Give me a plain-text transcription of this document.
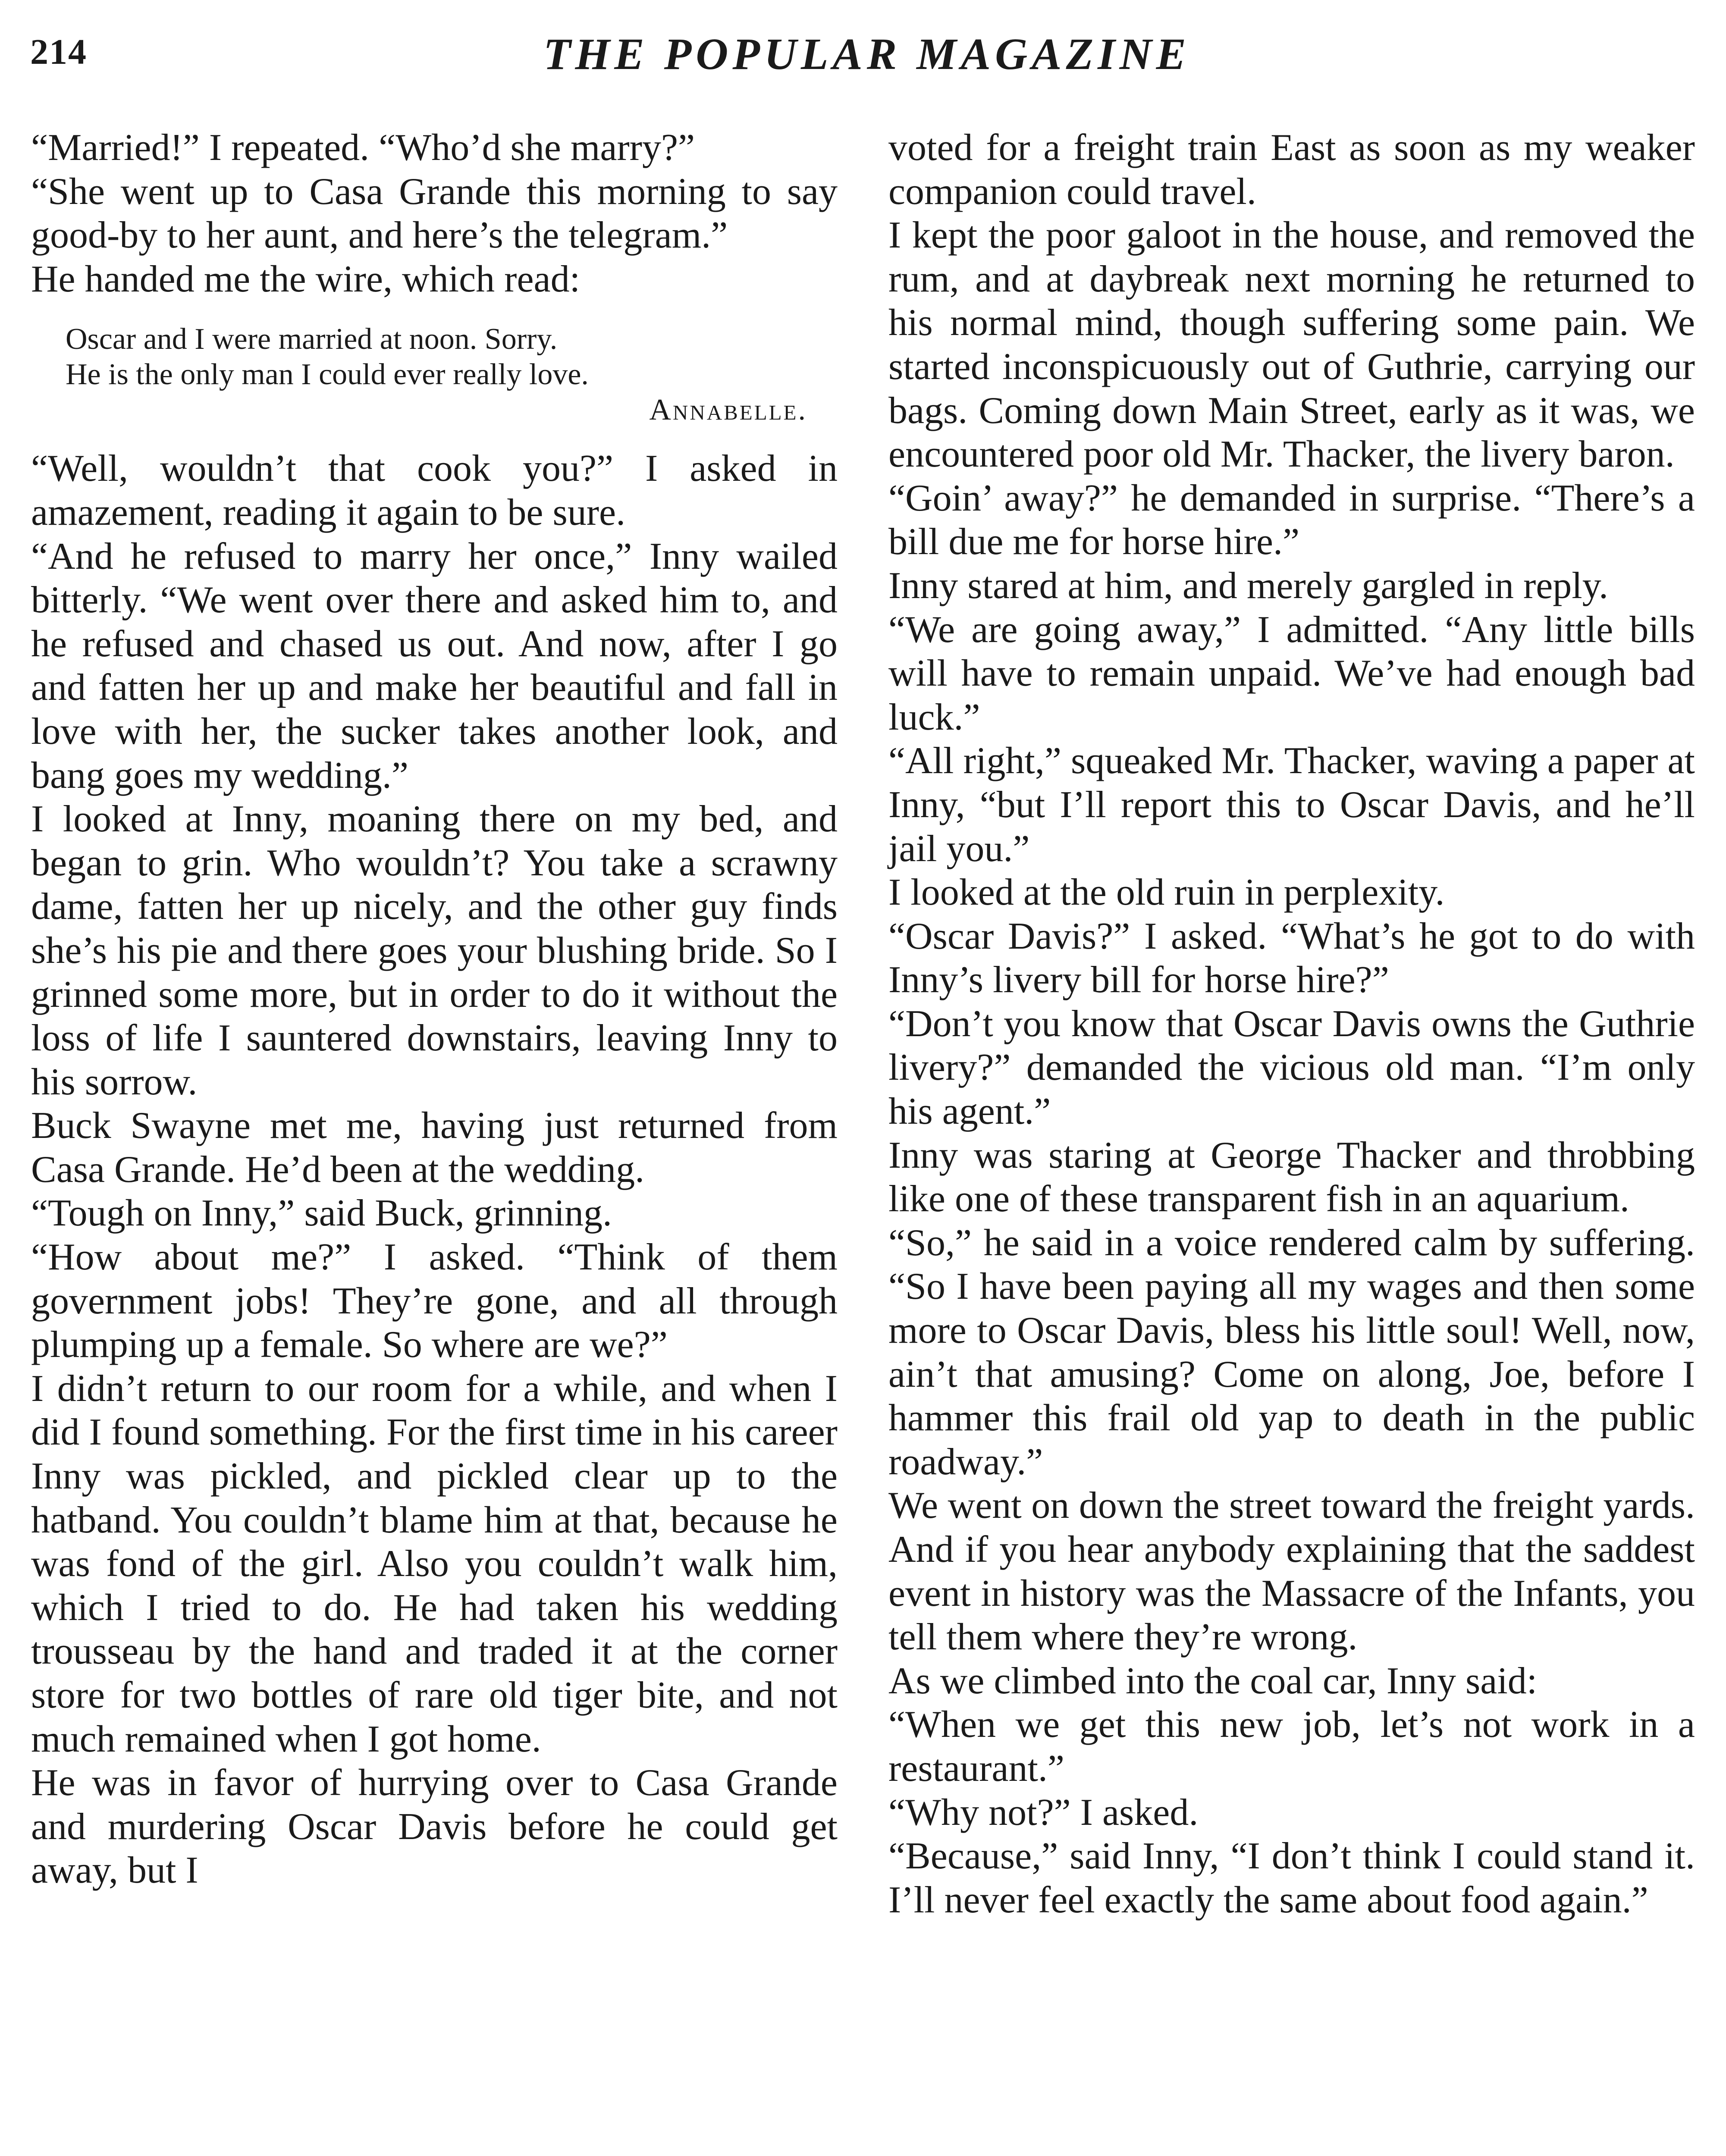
214	THE POPULAR MAGAZINE

“Married!” I repeated. “Who’d she marry?”

“She went up to Casa Grande this morning to say good-by to her aunt, and here’s the telegram.”

He handed me the wire, which read:

Oscar and I were married at noon. Sorry.
He is the only man I could ever really love.
Annabelle.

“Well, wouldn’t that cook you?” I asked in amazement, reading it again to be sure.

“And he refused to marry her once,” Inny wailed bitterly. “We went over there and asked him to, and he refused and chased us out. And now, after I go and fatten her up and make her beautiful and fall in love with her, the sucker takes another look, and bang goes my wedding.”

I looked at Inny, moaning there on my bed, and began to grin. Who wouldn’t? You take a scrawny dame, fatten her up nicely, and the other guy finds she’s his pie and there goes your blushing bride. So I grinned some more, but in order to do it without the loss of life I sauntered downstairs, leaving Inny to his sorrow.

Buck Swayne met me, having just returned from Casa Grande. He’d been at the wedding.

“Tough on Inny,” said Buck, grinning.

“How about me?” I asked. “Think of them government jobs! They’re gone, and all through plumping up a female. So where are we?”

I didn’t return to our room for a while, and when I did I found something. For the first time in his career Inny was pickled, and pickled clear up to the hatband. You couldn’t blame him at that, because he was fond of the girl. Also you couldn’t walk him, which I tried to do. He had taken his wedding trousseau by the hand and traded it at the corner store for two bottles of rare old tiger bite, and not much remained when I got home.

He was in favor of hurrying over to Casa Grande and murdering Oscar Davis before he could get away, but I

voted for a freight train East as soon as my weaker companion could travel.

I kept the poor galoot in the house, and removed the rum, and at daybreak next morning he returned to his normal mind, though suffering some pain. We started inconspicuously out of Guthrie, carrying our bags. Coming down Main Street, early as it was, we encountered poor old Mr. Thacker, the livery baron.

“Goin’ away?” he demanded in surprise. “There’s a bill due me for horse hire.”

Inny stared at him, and merely gargled in reply.

“We are going away,” I admitted. “Any little bills will have to remain unpaid. We’ve had enough bad luck.”

“All right,” squeaked Mr. Thacker, waving a paper at Inny, “but I’ll report this to Oscar Davis, and he’ll jail you.”

I looked at the old ruin in perplexity.

“Oscar Davis?” I asked. “What’s he got to do with Inny’s livery bill for horse hire?”

“Don’t you know that Oscar Davis owns the Guthrie livery?” demanded the vicious old man. “I’m only his agent.”

Inny was staring at George Thacker and throbbing like one of these transparent fish in an aquarium.

“So,” he said in a voice rendered calm by suffering. “So I have been paying all my wages and then some more to Oscar Davis, bless his little soul! Well, now, ain’t that amusing? Come on along, Joe, before I hammer this frail old yap to death in the public roadway.”

We went on down the street toward the freight yards. And if you hear anybody explaining that the saddest event in history was the Massacre of the Infants, you tell them where they’re wrong.

As we climbed into the coal car, Inny said:

“When we get this new job, let’s not work in a restaurant.”

“Why not?” I asked.

“Because,” said Inny, “I don’t think I could stand it. I’ll never feel exactly the same about food again.”
